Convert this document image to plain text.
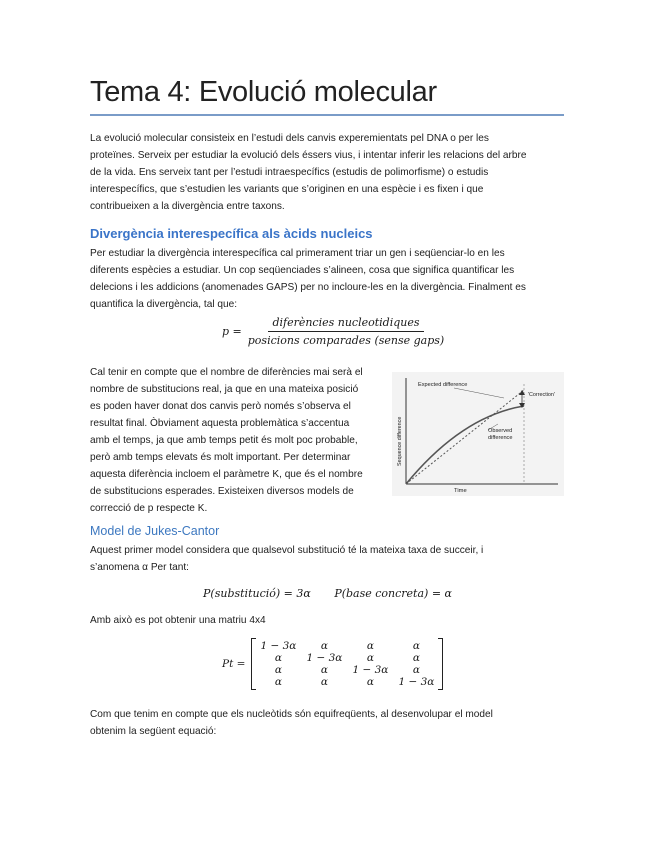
Tema 4: Evolució molecular
La evolució molecular consisteix en l’estudi dels canvis experemientats pel DNA o per les
proteïnes. Serveix per estudiar la evolució dels éssers vius, i intentar inferir les relacions del arbre
de la vida. Ens serveix tant per l’estudi intraespecífics (estudis de polimorfisme) o estudis
interespecífics, que s’estudien les variants que s’originen en una espècie i es fixen i que
contribueixen a la divergència entre taxons.
Divergència interespecífica als àcids nucleics
Per estudiar la divergència interespecífica cal primerament triar un gen i seqüenciar-lo en les
diferents espècies a estudiar. Un cop seqüenciades s’alineen, cosa que significa quantificar les
delecions i les addicions (anomenades GAPS) per no incloure-les en la divergència. Finalment es
quantifica la divergència, tal que:
$p = \frac{\text{diferències nucleotidiques}}{\text{posicions comparades (sense gaps)}}$
Cal tenir en compte que el nombre de diferències mai serà el
nombre de substitucions real, ja que en una mateixa posició
es poden haver donat dos canvis però només s’observa el
resultat final. Òbviament aquesta problemàtica s’accentua
amb el temps, ja que amb temps petit és molt poc probable,
però amb temps elevats és molt important. Per determinar
aquesta diferència incloem el paràmetre K, que és el nombre
de substitucions esperades. Existeixen diversos models de
correcció de p respecte K.
Expected difference
'Correction'
Observed
difference
Sequence difference
Time
Model de Jukes-Cantor
Aquest primer model considera que qualsevol substitució té la mateixa taxa de succeir, i
s’anomena α Per tant:
P(substitució) = 3α P(base concreta) = α
Amb això es pot obtenir una matriu 4x4
Pt =
1 − 3α	α	α	α
α	1 − 3α	α	α
α	α	1 − 3α	α
α	α	α	1 − 3α
Com que tenim en compte que els nucleòtids són equifreqüents, al desenvolupar el model
obtenim la següent equació:
